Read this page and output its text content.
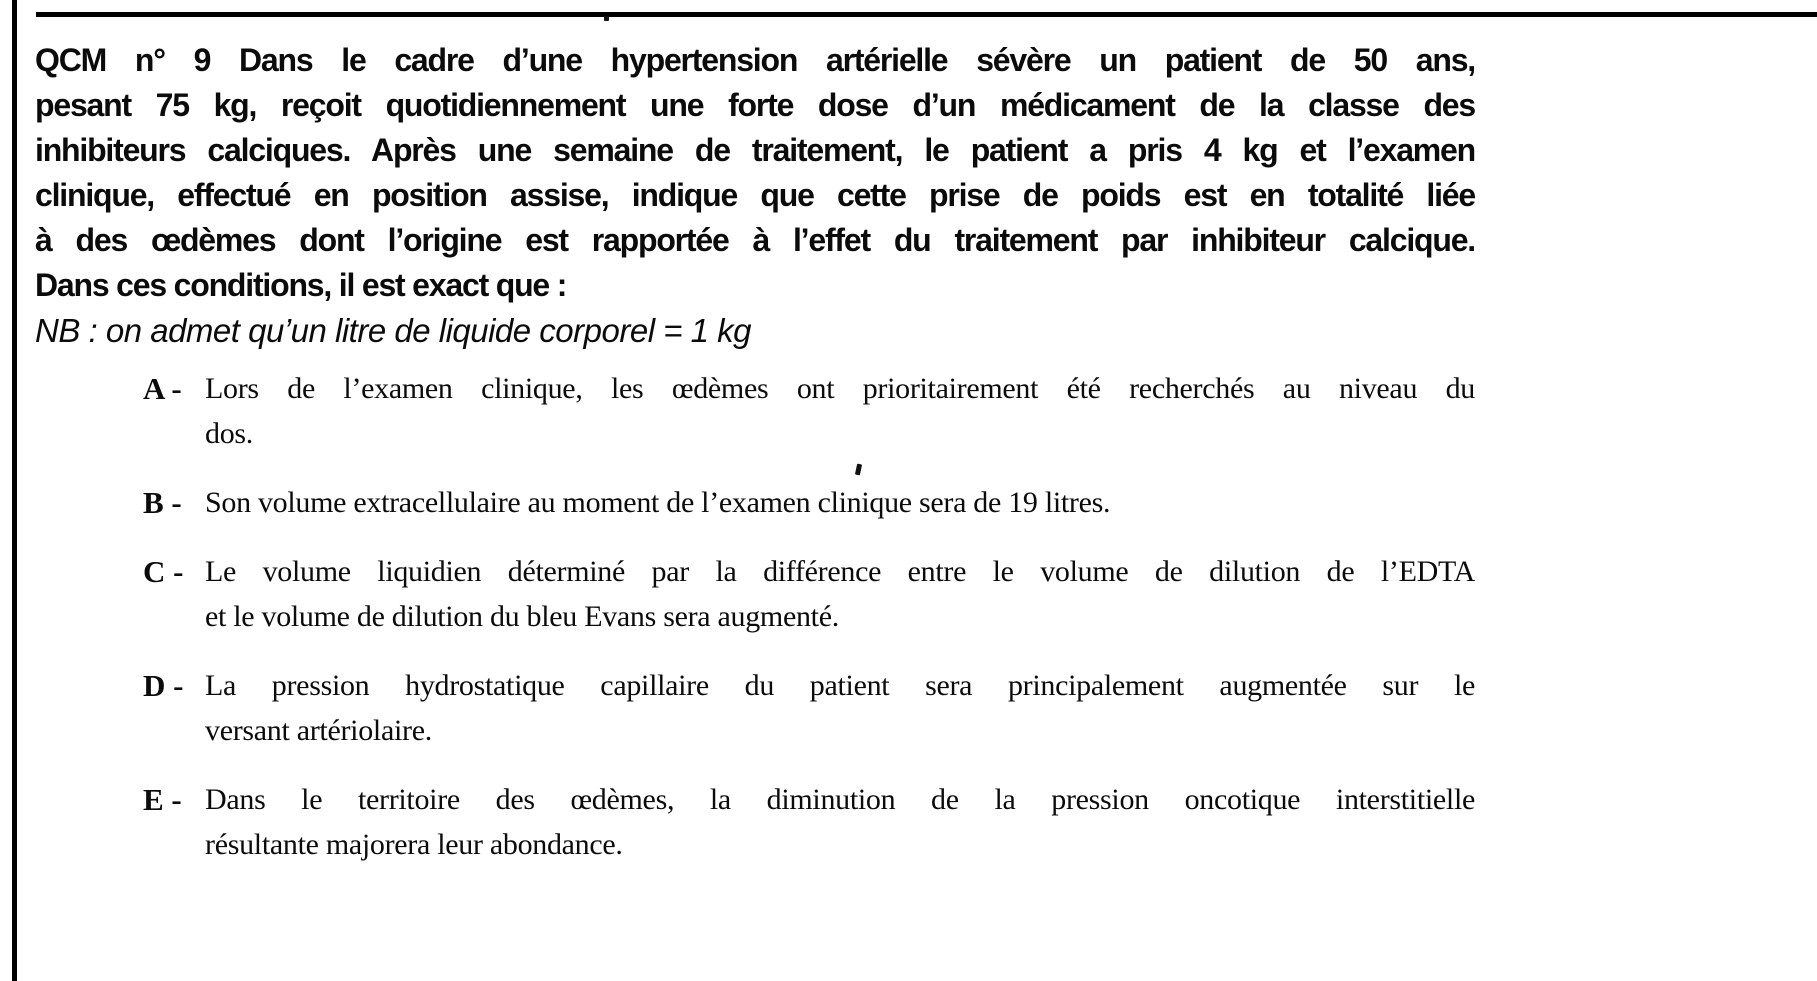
QCM n° 9 Dans le cadre d’une hypertension artérielle sévère un patient de 50 ans,
pesant 75 kg, reçoit quotidiennement une forte dose d’un médicament de la classe des
inhibiteurs calciques. Après une semaine de traitement, le patient a pris 4 kg et l’examen
clinique, effectué en position assise, indique que cette prise de poids est en totalité liée
à des œdèmes dont l’origine est rapportée à l’effet du traitement par inhibiteur calcique.
Dans ces conditions, il est exact que :
NB : on admet qu’un litre de liquide corporel = 1 kg
A - Lors de l’examen clinique, les œdèmes ont prioritairement été recherchés au niveau du
dos.
B - Son volume extracellulaire au moment de l’examen clinique sera de 19 litres.
C - Le volume liquidien déterminé par la différence entre le volume de dilution de l’EDTA
et le volume de dilution du bleu Evans sera augmenté.
D - La pression hydrostatique capillaire du patient sera principalement augmentée sur le
versant artériolaire.
E - Dans le territoire des œdèmes, la diminution de la pression oncotique interstitielle
résultante majorera leur abondance.
